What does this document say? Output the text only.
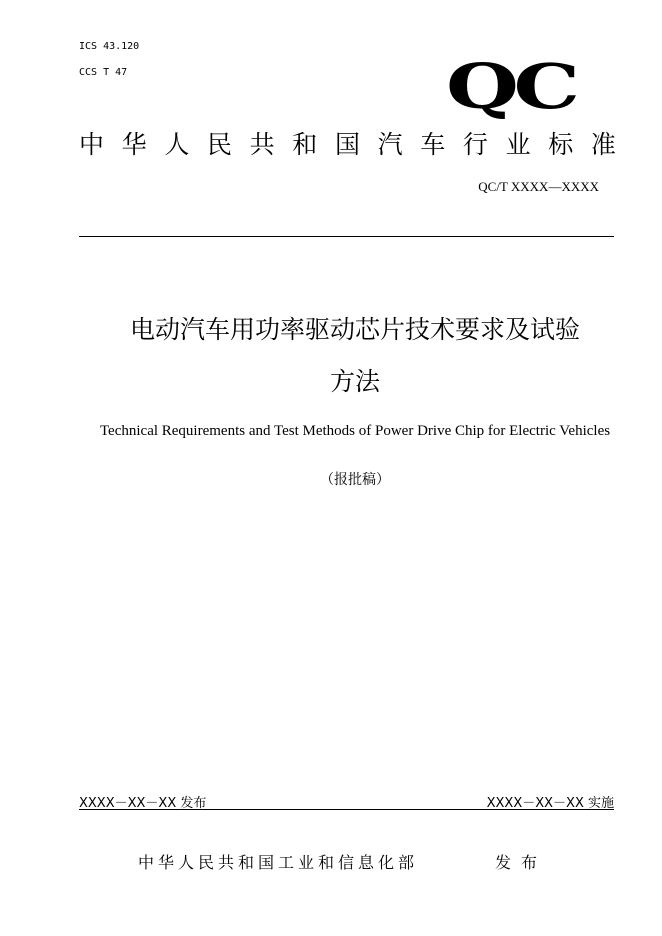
ICS 43.120
CCS T 47	QC
中 华 人 民 共 和 国 汽 车 行 业 标 准
QC/T XXXX—XXXX
电动汽车用功率驱动芯片技术要求及试验
方法
Technical Requirements and Test Methods of Power Drive Chip for Electric Vehicles
（报批稿）
XXXX－XX－XX 发布	XXXX－XX－XX 实施
中华人民共和国工业和信息化部	发布
